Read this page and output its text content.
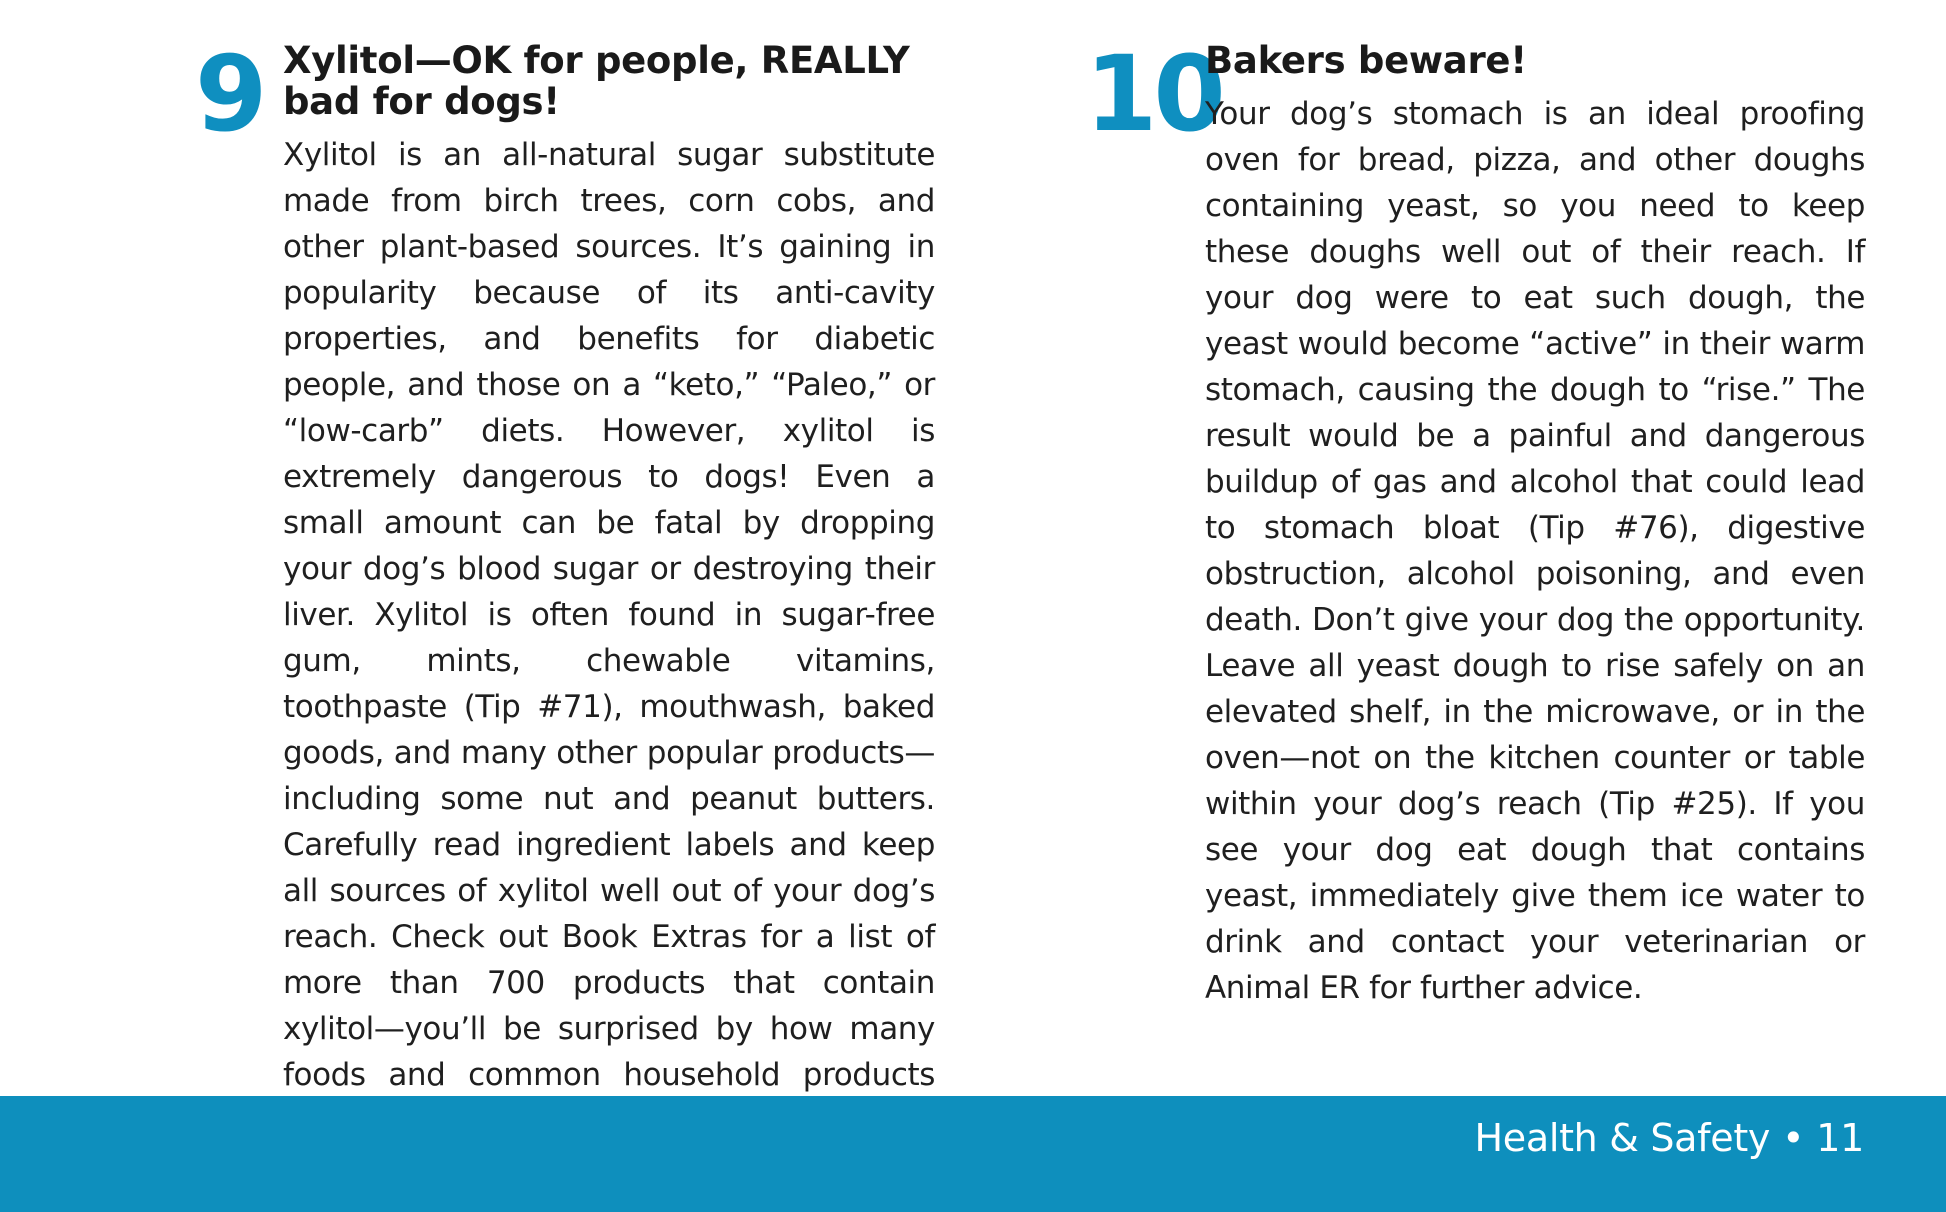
9 Xylitol—OK for people, REALLY bad for dogs!

Xylitol is an all-natural sugar substitute made from birch trees, corn cobs, and other plant-based sources. It’s gaining in popularity because of its anti-cavity properties, and benefits for diabetic people, and those on a “keto,” “Paleo,” or “low-carb” diets. However, xylitol is extremely dangerous to dogs! Even a small amount can be fatal by dropping your dog’s blood sugar or destroying their liver. Xylitol is often found in sugar-free gum, mints, chewable vitamins, toothpaste (Tip #71), mouthwash, baked goods, and many other popular products—including some nut and peanut butters. Carefully read ingredient labels and keep all sources of xylitol well out of your dog’s reach. Check out Book Extras for a list of more than 700 products that contain xylitol—you’ll be surprised by how many foods and common household products

10
Bakers beware!

Your dog’s stomach is an ideal proofing oven for bread, pizza, and other doughs containing yeast, so you need to keep these doughs well out of their reach. If your dog were to eat such dough, the yeast would become “active” in their warm stomach, causing the dough to “rise.” The result would be a painful and dangerous buildup of gas and alcohol that could lead to stomach bloat (Tip #76), digestive obstruction, alcohol poisoning, and even death. Don’t give your dog the opportunity. Leave all yeast dough to rise safely on an elevated shelf, in the microwave, or in the oven—not on the kitchen counter or table within your dog’s reach (Tip #25). If you see your dog eat dough that contains yeast, immediately give them ice water to drink and contact your veterinarian or Animal ER for further advice.

Health & Safety • 11
